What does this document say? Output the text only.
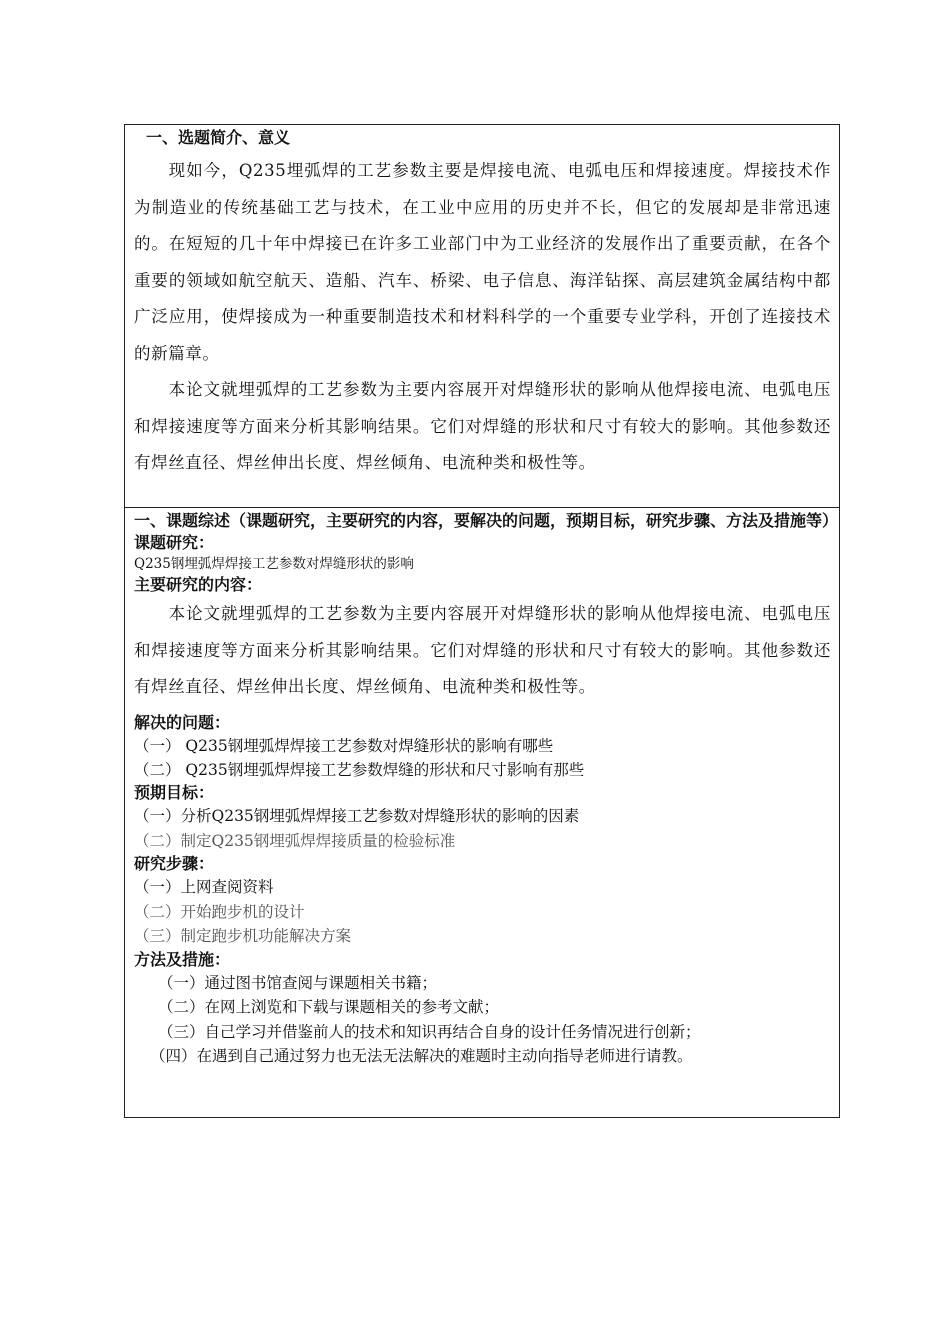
一、选题简介、意义

现如今，Q235埋弧焊的工艺参数主要是焊接电流、电弧电压和焊接速度。焊接技术作为制造业的传统基础工艺与技术，在工业中应用的历史并不长，但它的发展却是非常迅速的。在短短的几十年中焊接已在许多工业部门中为工业经济的发展作出了重要贡献，在各个重要的领域如航空航天、造船、汽车、桥梁、电子信息、海洋钻探、高层建筑金属结构中都广泛应用，使焊接成为一种重要制造技术和材料科学的一个重要专业学科，开创了连接技术的新篇章。

本论文就埋弧焊的工艺参数为主要内容展开对焊缝形状的影响从他焊接电流、电弧电压和焊接速度等方面来分析其影响结果。它们对焊缝的形状和尺寸有较大的影响。其他参数还有焊丝直径、焊丝伸出长度、焊丝倾角、电流种类和极性等。

一、课题综述（课题研究，主要研究的内容，要解决的问题，预期目标，研究步骤、方法及措施等）
课题研究：
Q235钢埋弧焊焊接工艺参数对焊缝形状的影响
主要研究的内容：

本论文就埋弧焊的工艺参数为主要内容展开对焊缝形状的影响从他焊接电流、电弧电压和焊接速度等方面来分析其影响结果。它们对焊缝的形状和尺寸有较大的影响。其他参数还有焊丝直径、焊丝伸出长度、焊丝倾角、电流种类和极性等。

解决的问题：
（一） Q235钢埋弧焊焊接工艺参数对焊缝形状的影响有哪些
（二） Q235钢埋弧焊焊接工艺参数焊缝的形状和尺寸影响有那些
预期目标：
（一）分析Q235钢埋弧焊焊接工艺参数对焊缝形状的影响的因素
（二）制定Q235钢埋弧焊焊接质量的检验标准
研究步骤：
（一）上网查阅资料
（二）开始跑步机的设计
（三）制定跑步机功能解决方案
方法及措施：
（一）通过图书馆查阅与课题相关书籍；
（二）在网上浏览和下载与课题相关的参考文献；
（三）自己学习并借鉴前人的技术和知识再结合自身的设计任务情况进行创新；
（四）在遇到自己通过努力也无法无法解决的难题时主动向指导老师进行请教。
